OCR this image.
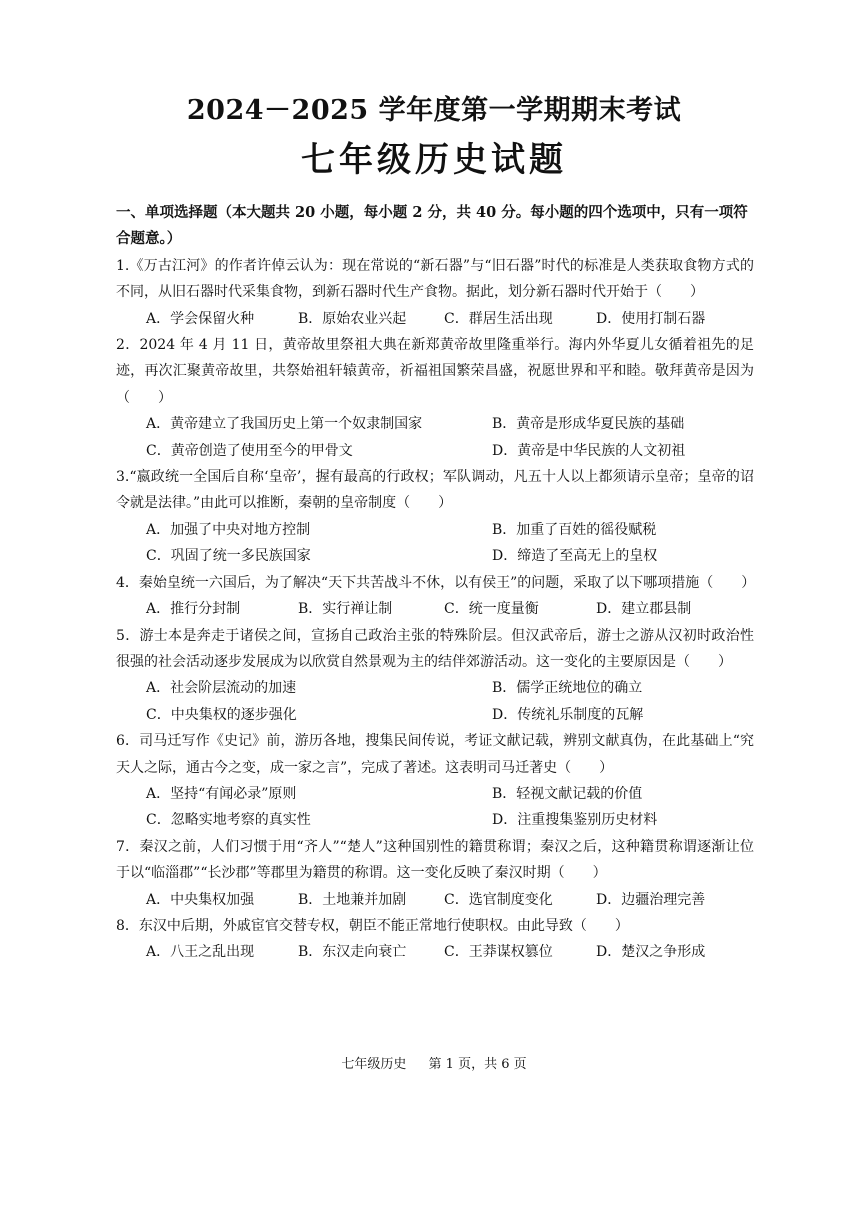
2024－2025 学年度第一学期期末考试
七年级历史试题
一、单项选择题（本大题共 20 小题，每小题 2 分，共 40 分。每小题的四个选项中，只有一项符合题意。）
1.《万古江河》的作者许倬云认为：现在常说的“新石器”与“旧石器”时代的标准是人类获取食物方式的不同，从旧石器时代采集食物，到新石器时代生产食物。据此，划分新石器时代开始于（　　）
A．学会保留火种	B．原始农业兴起	C．群居生活出现	D．使用打制石器
2．2024 年 4 月 11 日，黄帝故里祭祖大典在新郑黄帝故里隆重举行。海内外华夏儿女循着祖先的足迹，再次汇聚黄帝故里，共祭始祖轩辕黄帝，祈福祖国繁荣昌盛，祝愿世界和平和睦。敬拜黄帝是因为（　　）
A．黄帝建立了我国历史上第一个奴隶制国家	B．黄帝是形成华夏民族的基础
C．黄帝创造了使用至今的甲骨文	D．黄帝是中华民族的人文初祖
3.“嬴政统一全国后自称‘皇帝’，握有最高的行政权；军队调动，凡五十人以上都须请示皇帝；皇帝的诏令就是法律。”由此可以推断，秦朝的皇帝制度（　　）
A．加强了中央对地方控制	B．加重了百姓的徭役赋税
C．巩固了统一多民族国家	D．缔造了至高无上的皇权
4．秦始皇统一六国后，为了解决“天下共苦战斗不休，以有侯王”的问题，采取了以下哪项措施（　　）
A．推行分封制	B．实行禅让制	C．统一度量衡	D．建立郡县制
5．游士本是奔走于诸侯之间，宣扬自己政治主张的特殊阶层。但汉武帝后，游士之游从汉初时政治性很强的社会活动逐步发展成为以欣赏自然景观为主的结伴郊游活动。这一变化的主要原因是（　　）
A．社会阶层流动的加速	B．儒学正统地位的确立
C．中央集权的逐步强化	D．传统礼乐制度的瓦解
6．司马迁写作《史记》前，游历各地，搜集民间传说，考证文献记载，辨别文献真伪，在此基础上“究天人之际，通古今之变，成一家之言”，完成了著述。这表明司马迁著史（　　）
A．坚持“有闻必录”原则	B．轻视文献记载的价值
C．忽略实地考察的真实性	D．注重搜集鉴别历史材料
7．秦汉之前，人们习惯于用“齐人”“楚人”这种国别性的籍贯称谓；秦汉之后，这种籍贯称谓逐渐让位于以“临淄郡”“长沙郡”等郡里为籍贯的称谓。这一变化反映了秦汉时期（　　）
A．中央集权加强	B．土地兼并加剧	C．选官制度变化	D．边疆治理完善
8．东汉中后期，外戚宦官交替专权，朝臣不能正常地行使职权。由此导致（　　）
A．八王之乱出现	B．东汉走向衰亡	C．王莽谋权篡位	D．楚汉之争形成
七年级历史 第 1 页，共 6 页
